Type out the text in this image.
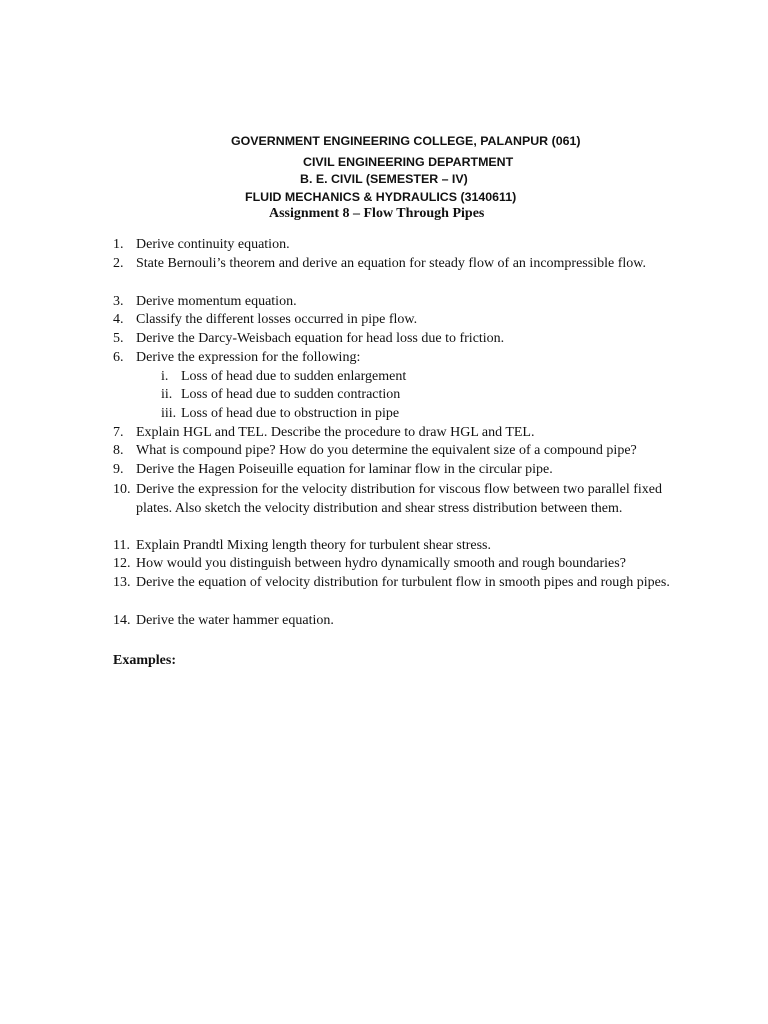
GOVERNMENT ENGINEERING COLLEGE, PALANPUR (061)
CIVIL ENGINEERING DEPARTMENT
B. E. CIVIL (SEMESTER – IV)
FLUID MECHANICS & HYDRAULICS (3140611)
Assignment 8 – Flow Through Pipes
1. Derive continuity equation.
2. State Bernouli’s theorem and derive an equation for steady flow of an incompressible flow.
3. Derive momentum equation.
4. Classify the different losses occurred in pipe flow.
5. Derive the Darcy-Weisbach equation for head loss due to friction.
6. Derive the expression for the following:
i. Loss of head due to sudden enlargement
ii. Loss of head due to sudden contraction
iii. Loss of head due to obstruction in pipe
7. Explain HGL and TEL. Describe the procedure to draw HGL and TEL.
8. What is compound pipe? How do you determine the equivalent size of a compound pipe?
9. Derive the Hagen Poiseuille equation for laminar flow in the circular pipe.
10. Derive the expression for the velocity distribution for viscous flow between two parallel fixed plates. Also sketch the velocity distribution and shear stress distribution between them.
11. Explain Prandtl Mixing length theory for turbulent shear stress.
12. How would you distinguish between hydro dynamically smooth and rough boundaries?
13. Derive the equation of velocity distribution for turbulent flow in smooth pipes and rough pipes.
14. Derive the water hammer equation.
Examples:
